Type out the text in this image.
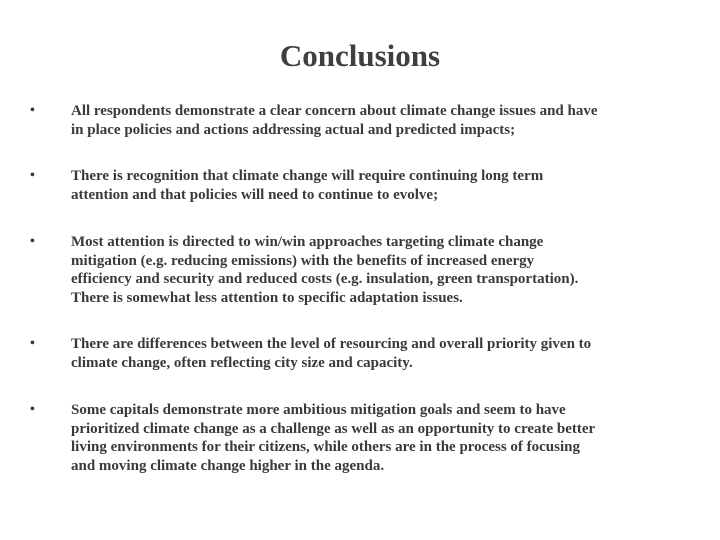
Conclusions
• All respondents demonstrate a clear concern about climate change issues and have
in place policies and actions addressing actual and predicted impacts;
• There is recognition that climate change will require continuing long term
attention and that policies will need to continue to evolve;
• Most attention is directed to win/win approaches targeting climate change
mitigation (e.g. reducing emissions) with the benefits of increased energy
efficiency and security and reduced costs (e.g. insulation, green transportation).
There is somewhat less attention to specific adaptation issues.
• There are differences between the level of resourcing and overall priority given to
climate change, often reflecting city size and capacity.
• Some capitals demonstrate more ambitious mitigation goals and seem to have
prioritized climate change as a challenge as well as an opportunity to create better
living environments for their citizens, while others are in the process of focusing
and moving climate change higher in the agenda.
